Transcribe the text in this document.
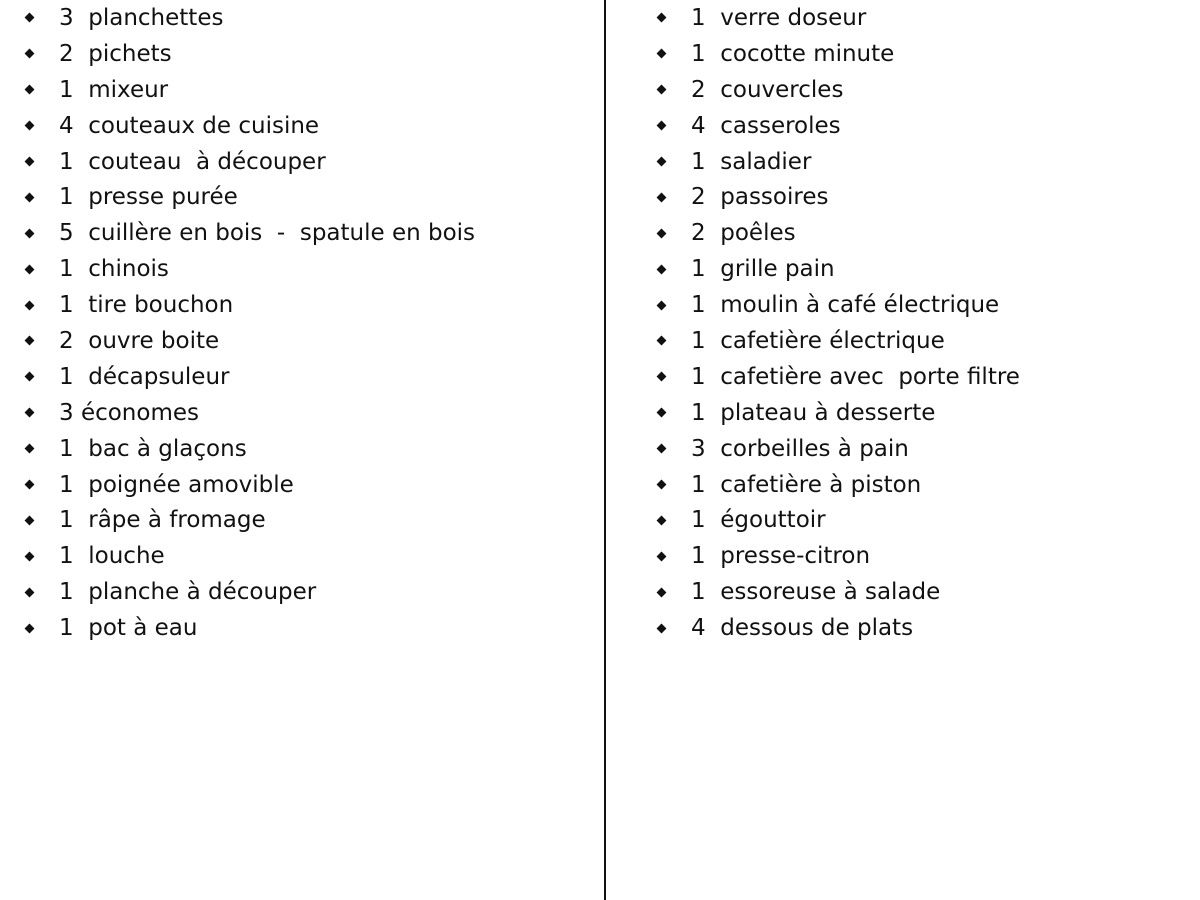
3  planchettes
2  pichets
1  mixeur
4  couteaux de cuisine
1  couteau  à découper
1  presse purée
5  cuillère en bois  -  spatule en bois
1  chinois
1  tire bouchon
2  ouvre boite
1  décapsuleur
3 économes
1  bac à glaçons
1  poignée amovible
1  râpe à fromage
1  louche
1  planche à découper
1  pot à eau
1  verre doseur
1  cocotte minute
2  couvercles
4  casseroles
1  saladier
2  passoires
2  poêles
1  grille pain
1  moulin à café électrique
1  cafetière électrique
1  cafetière avec  porte filtre
1  plateau à desserte
3  corbeilles à pain
1  cafetière à piston
1  égouttoir
1  presse-citron
1  essoreuse à salade
4  dessous de plats
